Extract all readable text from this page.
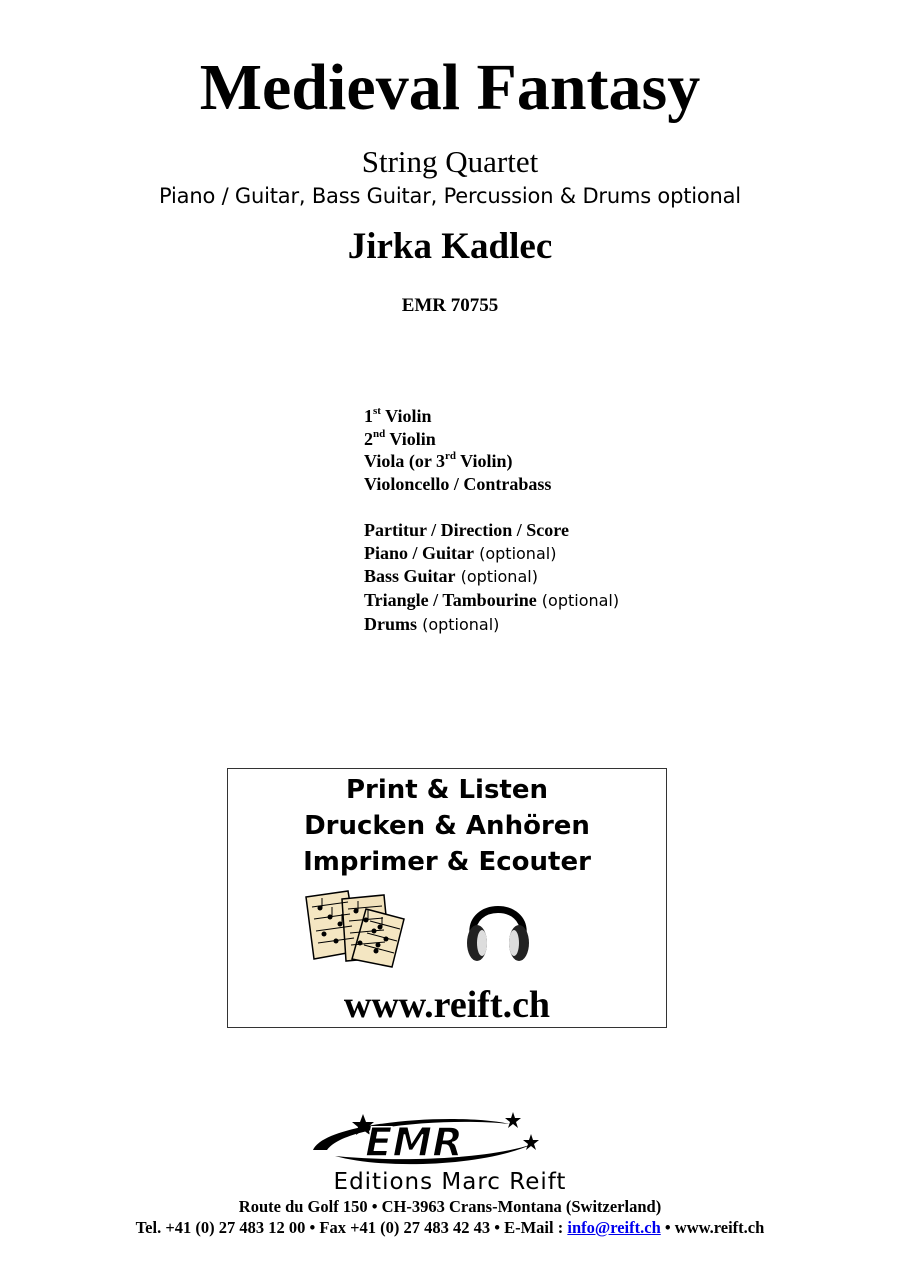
Medieval Fantasy
String Quartet
Piano / Guitar, Bass Guitar, Percussion & Drums optional
Jirka Kadlec
EMR 70755
1st Violin
2nd Violin
Viola (or 3rd Violin)
Violoncello / Contrabass
Partitur / Direction / Score
Piano / Guitar (optional)
Bass Guitar (optional)
Triangle / Tambourine (optional)
Drums (optional)
Print & Listen
Drucken & Anhören
Imprimer & Ecouter
www.reift.ch
EMR
Editions Marc Reift
Route du Golf 150 • CH-3963 Crans-Montana (Switzerland)
Tel. +41 (0) 27 483 12 00 • Fax +41 (0) 27 483 42 43 • E-Mail : info@reift.ch • www.reift.ch
